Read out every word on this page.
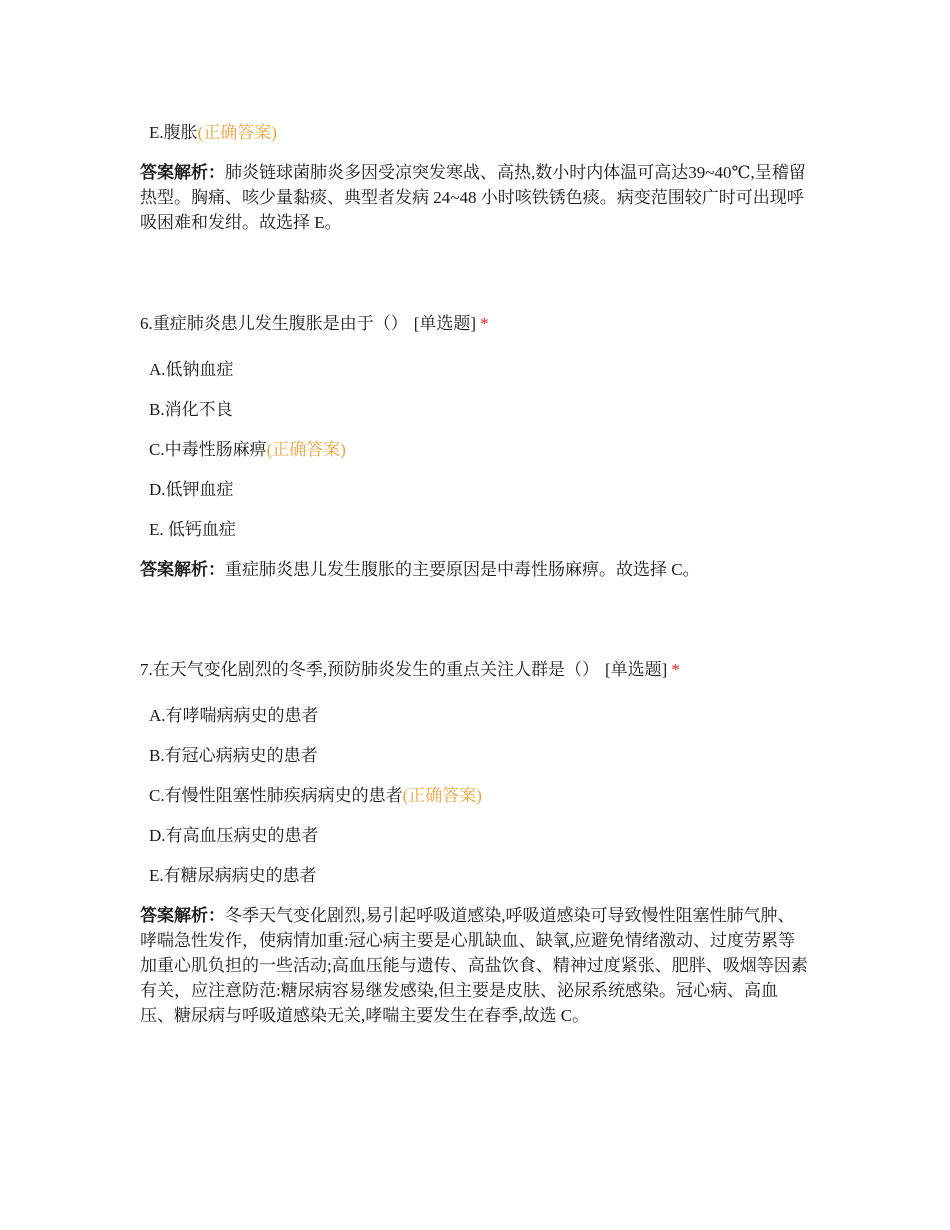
E.腹胀(正确答案)
答案解析：肺炎链球菌肺炎多因受凉突发寒战、高热,数小时内体温可高达39~40℃,呈稽留热型。胸痛、咳少量黏痰、典型者发病 24~48 小时咳铁锈色痰。病变范围较广时可出现呼吸困难和发绀。故选择 E。
6.重症肺炎患儿发生腹胀是由于（） [单选题] *
A.低钠血症
B.消化不良
C.中毒性肠麻痹(正确答案)
D.低钾血症
E. 低钙血症
答案解析：重症肺炎患儿发生腹胀的主要原因是中毒性肠麻痹。故选择 C。
7.在天气变化剧烈的冬季,预防肺炎发生的重点关注人群是（） [单选题] *
A.有哮喘病病史的患者
B.有冠心病病史的患者
C.有慢性阻塞性肺疾病病史的患者(正确答案)
D.有高血压病史的患者
E.有糖尿病病史的患者
答案解析：冬季天气变化剧烈,易引起呼吸道感染,呼吸道感染可导致慢性阻塞性肺气肿、哮喘急性发作，使病情加重:冠心病主要是心肌缺血、缺氧,应避免情绪激动、过度劳累等加重心肌负担的一些活动;高血压能与遗传、高盐饮食、精神过度紧张、肥胖、吸烟等因素有关，应注意防范:糖尿病容易继发感染,但主要是皮肤、泌尿系统感染。冠心病、高血压、糖尿病与呼吸道感染无关,哮喘主要发生在春季,故选 C。
